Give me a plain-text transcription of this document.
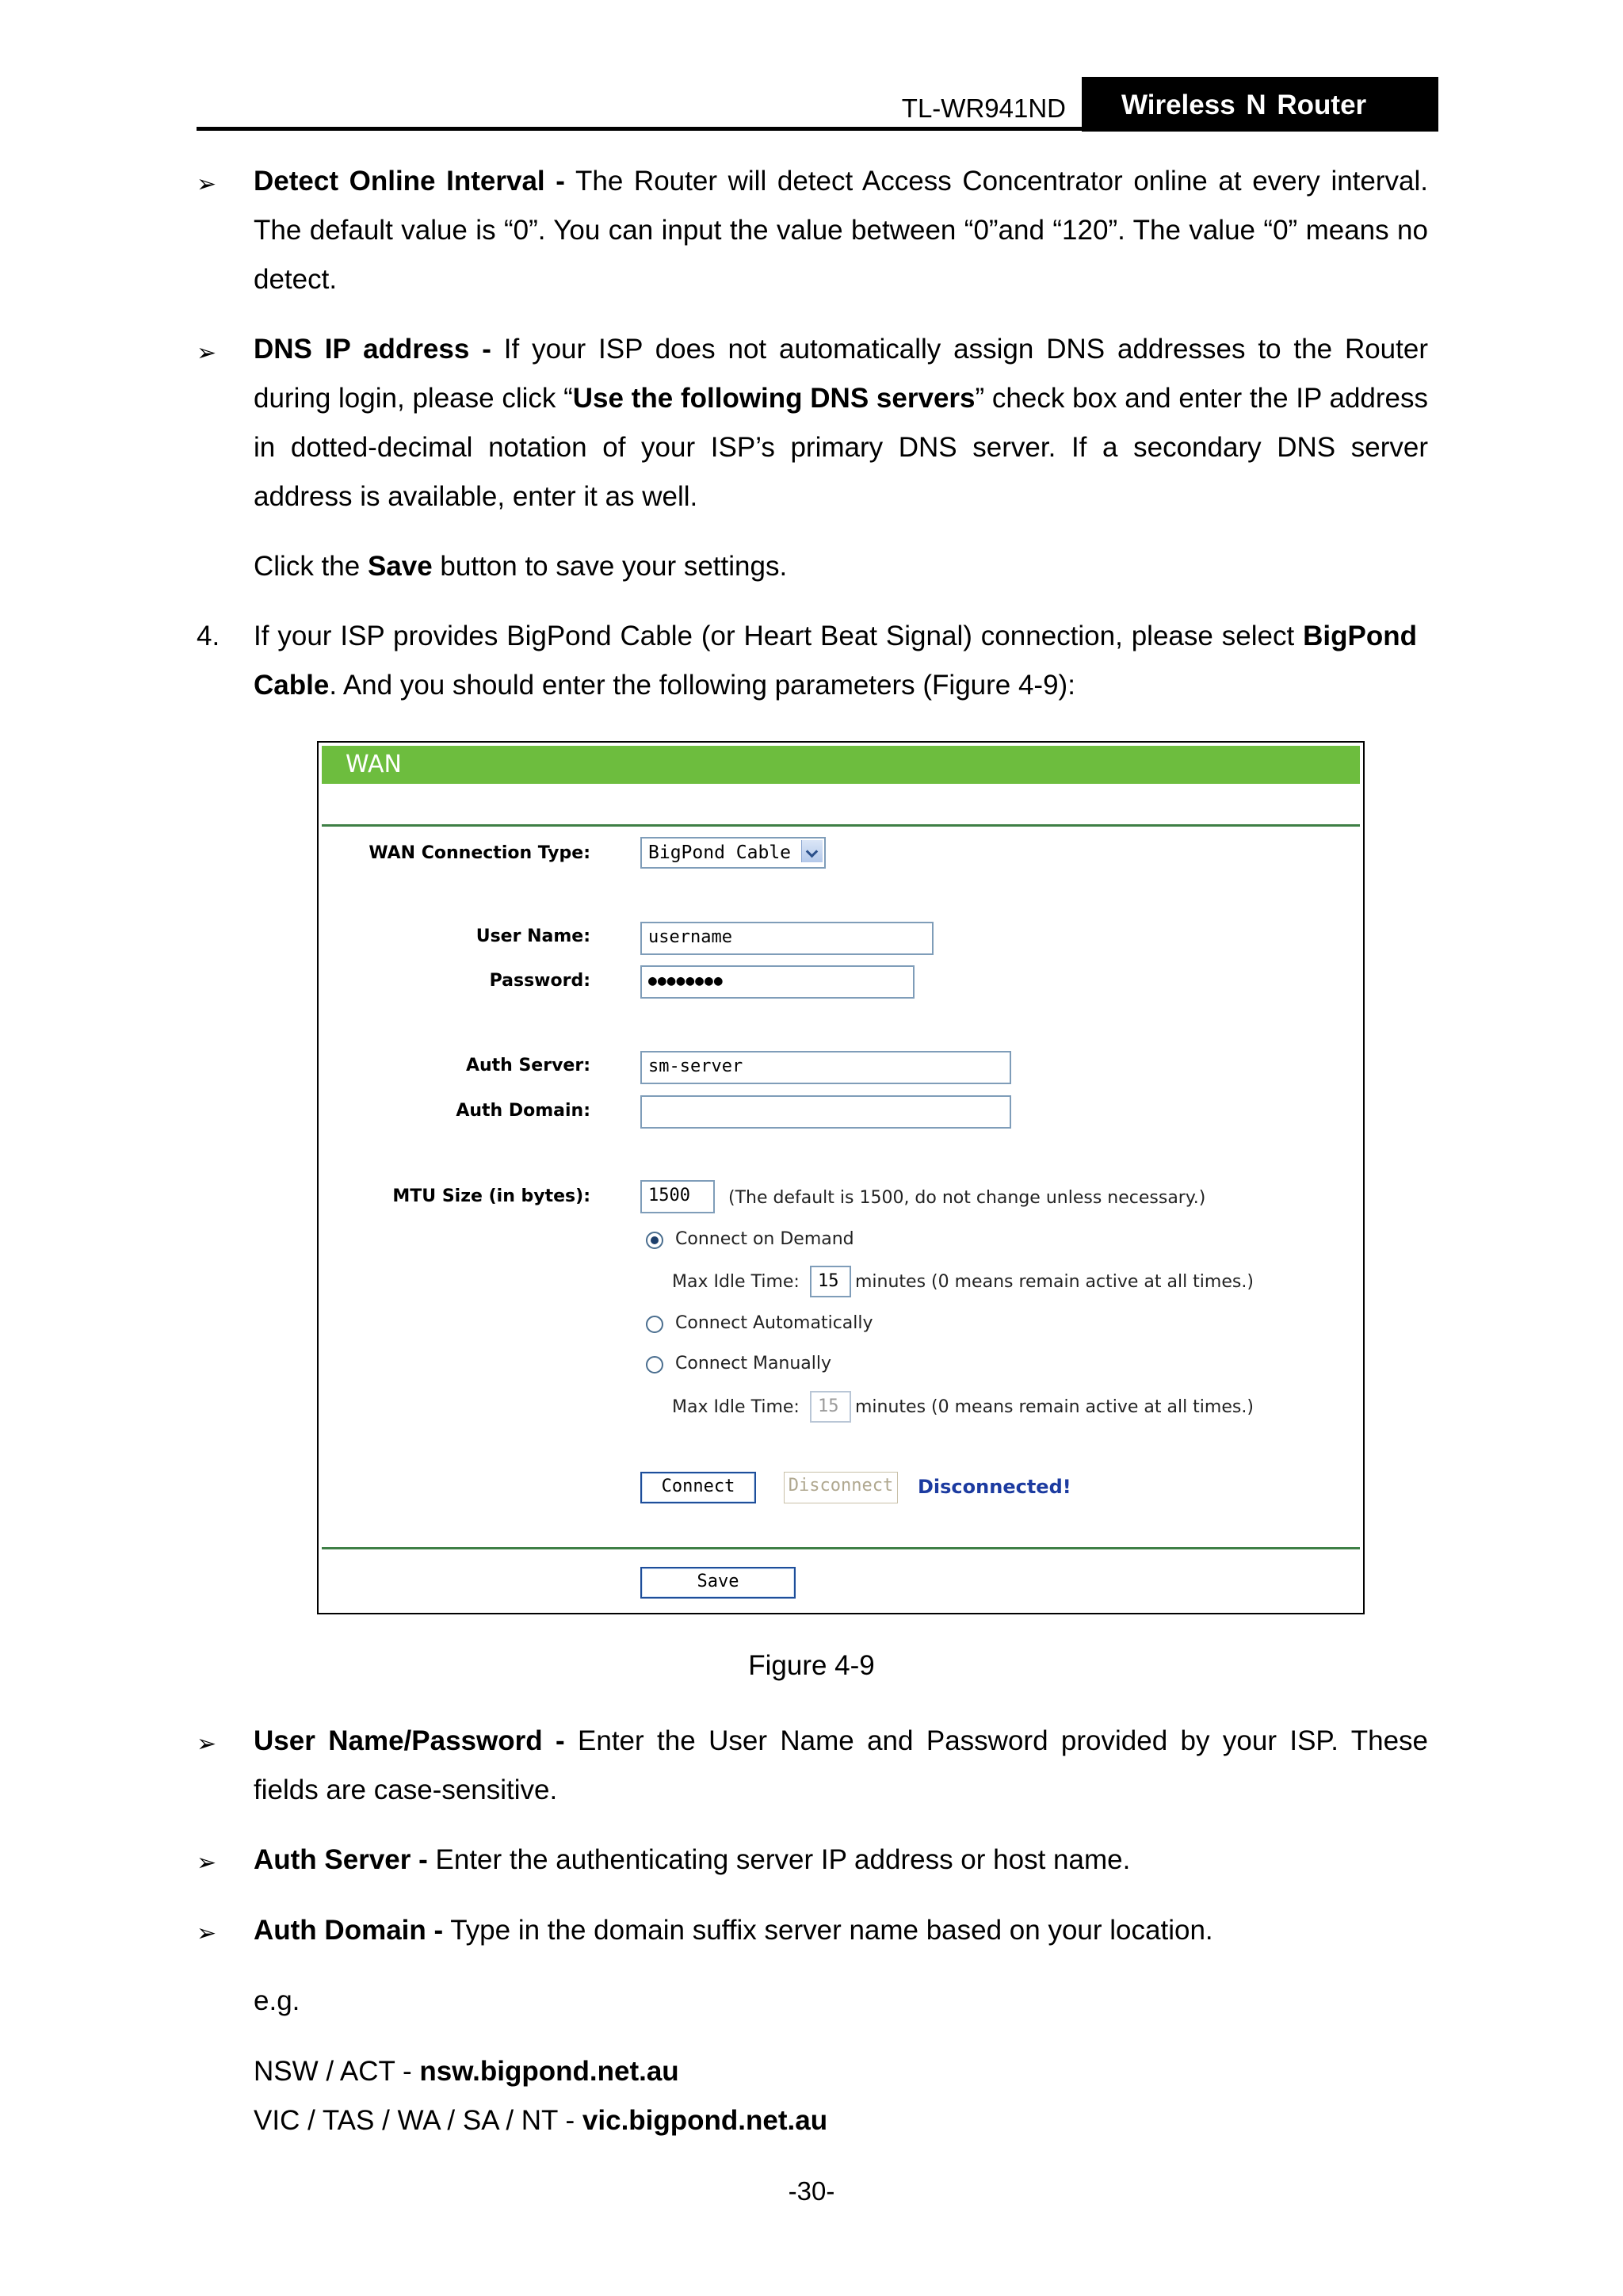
TL-WR941ND	Wireless N Router
➢ Detect Online Interval - The Router will detect Access Concentrator online at every interval. The default value is “0”. You can input the value between “0”and “120”. The value “0” means no detect.
➢ DNS IP address - If your ISP does not automatically assign DNS addresses to the Router during login, please click “Use the following DNS servers” check box and enter the IP address in dotted-decimal notation of your ISP’s primary DNS server. If a secondary DNS server address is available, enter it as well.
Click the Save button to save your settings.
4. If your ISP provides BigPond Cable (or Heart Beat Signal) connection, please select BigPond Cable. And you should enter the following parameters (Figure 4-9):
WAN
WAN Connection Type:	BigPond Cable
User Name:	username
Password:	●●●●●●●●
Auth Server:	sm-server
Auth Domain:
MTU Size (in bytes):	1500	(The default is 1500, do not change unless necessary.)
Connect on Demand
Max Idle Time:	15 minutes (0 means remain active at all times.)
Connect Automatically
Connect Manually
Max Idle Time:	15 minutes (0 means remain active at all times.)
Connect	Disconnect Disconnected!
Save
Figure 4-9
➢ User Name/Password - Enter the User Name and Password provided by your ISP. These fields are case-sensitive.
➢ Auth Server - Enter the authenticating server IP address or host name.
➢ Auth Domain - Type in the domain suffix server name based on your location.
e.g.
NSW / ACT - nsw.bigpond.net.au
VIC / TAS / WA / SA / NT - vic.bigpond.net.au
-30-
